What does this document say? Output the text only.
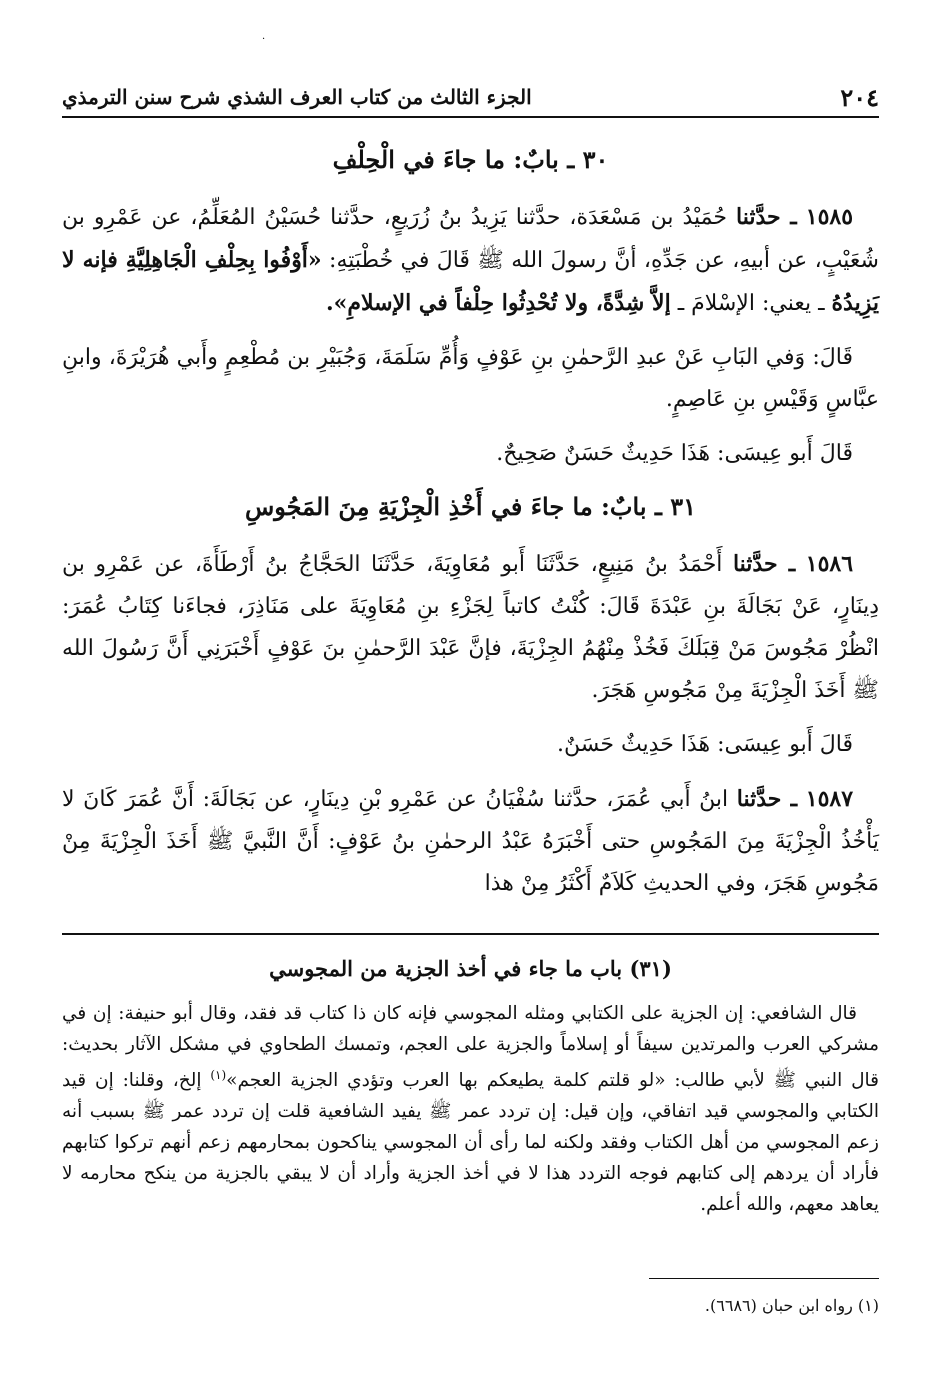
·
٢٠٤
الجزء الثالث من كتاب العرف الشذي شرح سنن الترمذي
٣٠ ـ بابٌ: ما جاءَ في الْحِلْفِ

١٥٨٥ ـ حدَّثنا حُمَيْدُ بن مَسْعَدَة، حدَّثنا يَزِيدُ بنُ زُرَيعٍ، حدَّثنا حُسَيْنُ المُعَلِّمُ، عن عَمْرِو بن شُعَيْبٍ، عن أبيهِ، عن جَدِّهِ، أنَّ رسولَ الله ﷺ قَالَ في خُطْبَتِهِ: «أَوْفُوا بِحِلْفِ الْجَاهِلِيَّةِ فإنه لا يَزِيدُهُ ـ يعني: الإسْلامَ ـ إلاَّ شِدَّةً، ولا تُحْدِثُوا حِلْفاً في الإسلامِ».

قَالَ: وَفي البَابِ عَنْ عبدِ الرَّحمٰنِ بنِ عَوْفٍ وَأُمِّ سَلَمَةَ، وَجُبَيْرِ بن مُطْعِمٍ وأَبي هُرَيْرَةَ، وابنِ عبَّاسٍ وَقَيْسِ بنِ عَاصِمٍ.

قَالَ أَبو عِيسَى: هَذَا حَدِيثٌ حَسَنٌ صَحِيحٌ.

٣١ ـ بابٌ: ما جاءَ في أَخْذِ الْجِزْيَةِ مِنَ المَجُوسِ

١٥٨٦ ـ حدَّثنا أَحْمَدُ بنُ مَنِيعٍ، حَدَّثَنَا أَبو مُعَاوِيَةَ، حَدَّثَنَا الحَجَّاجُ بنُ أَرْطَأَةَ، عن عَمْرِو بن دِينَارٍ، عَنْ بَجَالَةَ بنِ عَبْدَةَ قَالَ: كُنْتُ كاتباً لِجَزْءِ بنِ مُعَاوِيَةَ على مَنَاذِرَ، فجاءَنا كِتَابُ عُمَرَ: انْظُرْ مَجُوسَ مَنْ قِبَلَكَ فَخُذْ مِنْهُمُ الجِزْيَةَ، فإنَّ عَبْدَ الرَّحمٰنِ بنَ عَوْفٍ أَخْبَرَنِي أَنَّ رَسُولَ الله ﷺ أَخَذَ الْجِزْيَةَ مِنْ مَجُوسِ هَجَرَ.

قَالَ أَبو عِيسَى: هَذَا حَدِيثٌ حَسَنٌ.

١٥٨٧ ـ حدَّثنا ابنُ أَبي عُمَرَ، حدَّثنا سُفْيَانُ عن عَمْرِو بْنِ دِينَارٍ، عن بَجَالَةَ: أَنَّ عُمَرَ كَانَ لا يَأْخُذُ الْجِزْيَةَ مِنَ المَجُوسِ حتى أَخْبَرَهُ عَبْدُ الرحمٰنِ بنُ عَوْفٍ: أَنَّ النَّبيَّ ﷺ أَخَذَ الْجِزْيَةَ مِنْ مَجُوسِ هَجَرَ، وفي الحديثِ كَلاَمٌ أَكْثَرُ مِنْ هذا

(٣١) باب ما جاء في أخذ الجزية من المجوسي

قال الشافعي: إن الجزية على الكتابي ومثله المجوسي فإنه كان ذا كتاب قد فقد، وقال أبو حنيفة: إن في مشركي العرب والمرتدين سيفاً أو إسلاماً والجزية على العجم، وتمسك الطحاوي في مشكل الآثار بحديث: قال النبي ﷺ لأبي طالب: «لو قلتم كلمة يطيعكم بها العرب وتؤدي الجزية العجم»$^{(١)}$ إلخ، وقلنا: إن قيد الكتابي والمجوسي قيد اتفاقي، وإن قيل: إن تردد عمر ﷺ يفيد الشافعية قلت إن تردد عمر ﷺ بسبب أنه زعم المجوسي من أهل الكتاب وفقد ولكنه لما رأى أن المجوسي يناكحون بمحارمهم زعم أنهم تركوا كتابهم فأراد أن يردهم إلى كتابهم فوجه التردد هذا لا في أخذ الجزية وأراد أن لا يبقي بالجزية من ينكح محارمه لا يعاهد معهم، والله أعلم.

(١) رواه ابن حبان (٦٦٨٦).
